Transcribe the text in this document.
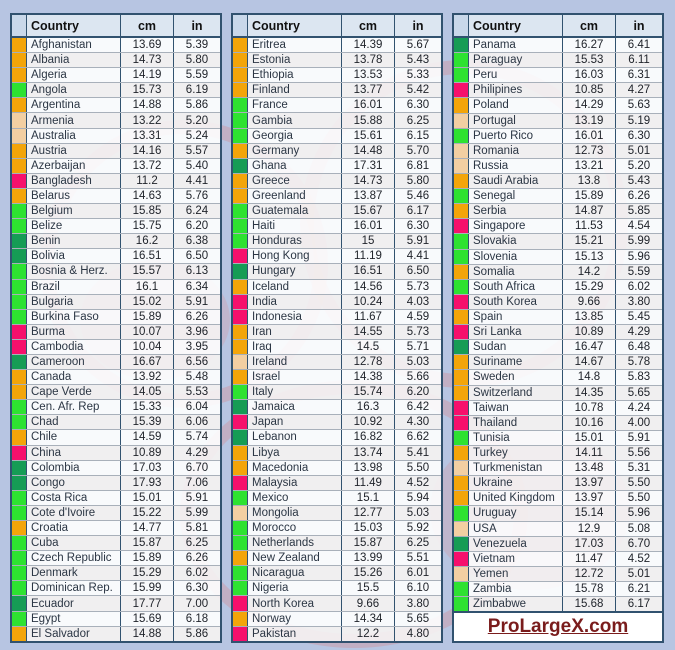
Country	cm	in
Afghanistan	13.69	5.39
Albania	14.73	5.80
Algeria	14.19	5.59
Angola	15.73	6.19
Argentina	14.88	5.86
Armenia	13.22	5.20
Australia	13.31	5.24
Austria	14.16	5.57
Azerbaijan	13.72	5.40
Bangladesh	11.2	4.41
Belarus	14.63	5.76
Belgium	15.85	6.24
Belize	15.75	6.20
Benin	16.2	6.38
Bolivia	16.51	6.50
Bosnia & Herz.	15.57	6.13
Brazil	16.1	6.34
Bulgaria	15.02	5.91
Burkina Faso	15.89	6.26
Burma	10.07	3.96
Cambodia	10.04	3.95
Cameroon	16.67	6.56
Canada	13.92	5.48
Cape Verde	14.05	5.53
Cen. Afr. Rep	15.33	6.04
Chad	15.39	6.06
Chile	14.59	5.74
China	10.89	4.29
Colombia	17.03	6.70
Congo	17.93	7.06
Costa Rica	15.01	5.91
Cote d'Ivoire	15.22	5.99
Croatia	14.77	5.81
Cuba	15.87	6.25
Czech Republic	15.89	6.26
Denmark	15.29	6.02
Dominican Rep.	15.99	6.30
Ecuador	17.77	7.00
Egypt	15.69	6.18
El Salvador	14.88	5.86
Country	cm	in
Eritrea	14.39	5.67
Estonia	13.78	5.43
Ethiopia	13.53	5.33
Finland	13.77	5.42
France	16.01	6.30
Gambia	15.88	6.25
Georgia	15.61	6.15
Germany	14.48	5.70
Ghana	17.31	6.81
Greece	14.73	5.80
Greenland	13.87	5.46
Guatemala	15.67	6.17
Haiti	16.01	6.30
Honduras	15	5.91
Hong Kong	11.19	4.41
Hungary	16.51	6.50
Iceland	14.56	5.73
India	10.24	4.03
Indonesia	11.67	4.59
Iran	14.55	5.73
Iraq	14.5	5.71
Ireland	12.78	5.03
Israel	14.38	5.66
Italy	15.74	6.20
Jamaica	16.3	6.42
Japan	10.92	4.30
Lebanon	16.82	6.62
Libya	13.74	5.41
Macedonia	13.98	5.50
Malaysia	11.49	4.52
Mexico	15.1	5.94
Mongolia	12.77	5.03
Morocco	15.03	5.92
Netherlands	15.87	6.25
New Zealand	13.99	5.51
Nicaragua	15.26	6.01
Nigeria	15.5	6.10
North Korea	9.66	3.80
Norway	14.34	5.65
Pakistan	12.2	4.80
Country	cm	in
Panama	16.27	6.41
Paraguay	15.53	6.11
Peru	16.03	6.31
Philipines	10.85	4.27
Poland	14.29	5.63
Portugal	13.19	5.19
Puerto Rico	16.01	6.30
Romania	12.73	5.01
Russia	13.21	5.20
Saudi Arabia	13.8	5.43
Senegal	15.89	6.26
Serbia	14.87	5.85
Singapore	11.53	4.54
Slovakia	15.21	5.99
Slovenia	15.13	5.96
Somalia	14.2	5.59
South Africa	15.29	6.02
South Korea	9.66	3.80
Spain	13.85	5.45
Sri Lanka	10.89	4.29
Sudan	16.47	6.48
Suriname	14.67	5.78
Sweden	14.8	5.83
Switzerland	14.35	5.65
Taiwan	10.78	4.24
Thailand	10.16	4.00
Tunisia	15.01	5.91
Turkey	14.11	5.56
Turkmenistan	13.48	5.31
Ukraine	13.97	5.50
United Kingdom	13.97	5.50
Uruguay	15.14	5.96
USA	12.9	5.08
Venezuela	17.03	6.70
Vietnam	11.47	4.52
Yemen	12.72	5.01
Zambia	15.78	6.21
Zimbabwe	15.68	6.17
ProLargeX.com
